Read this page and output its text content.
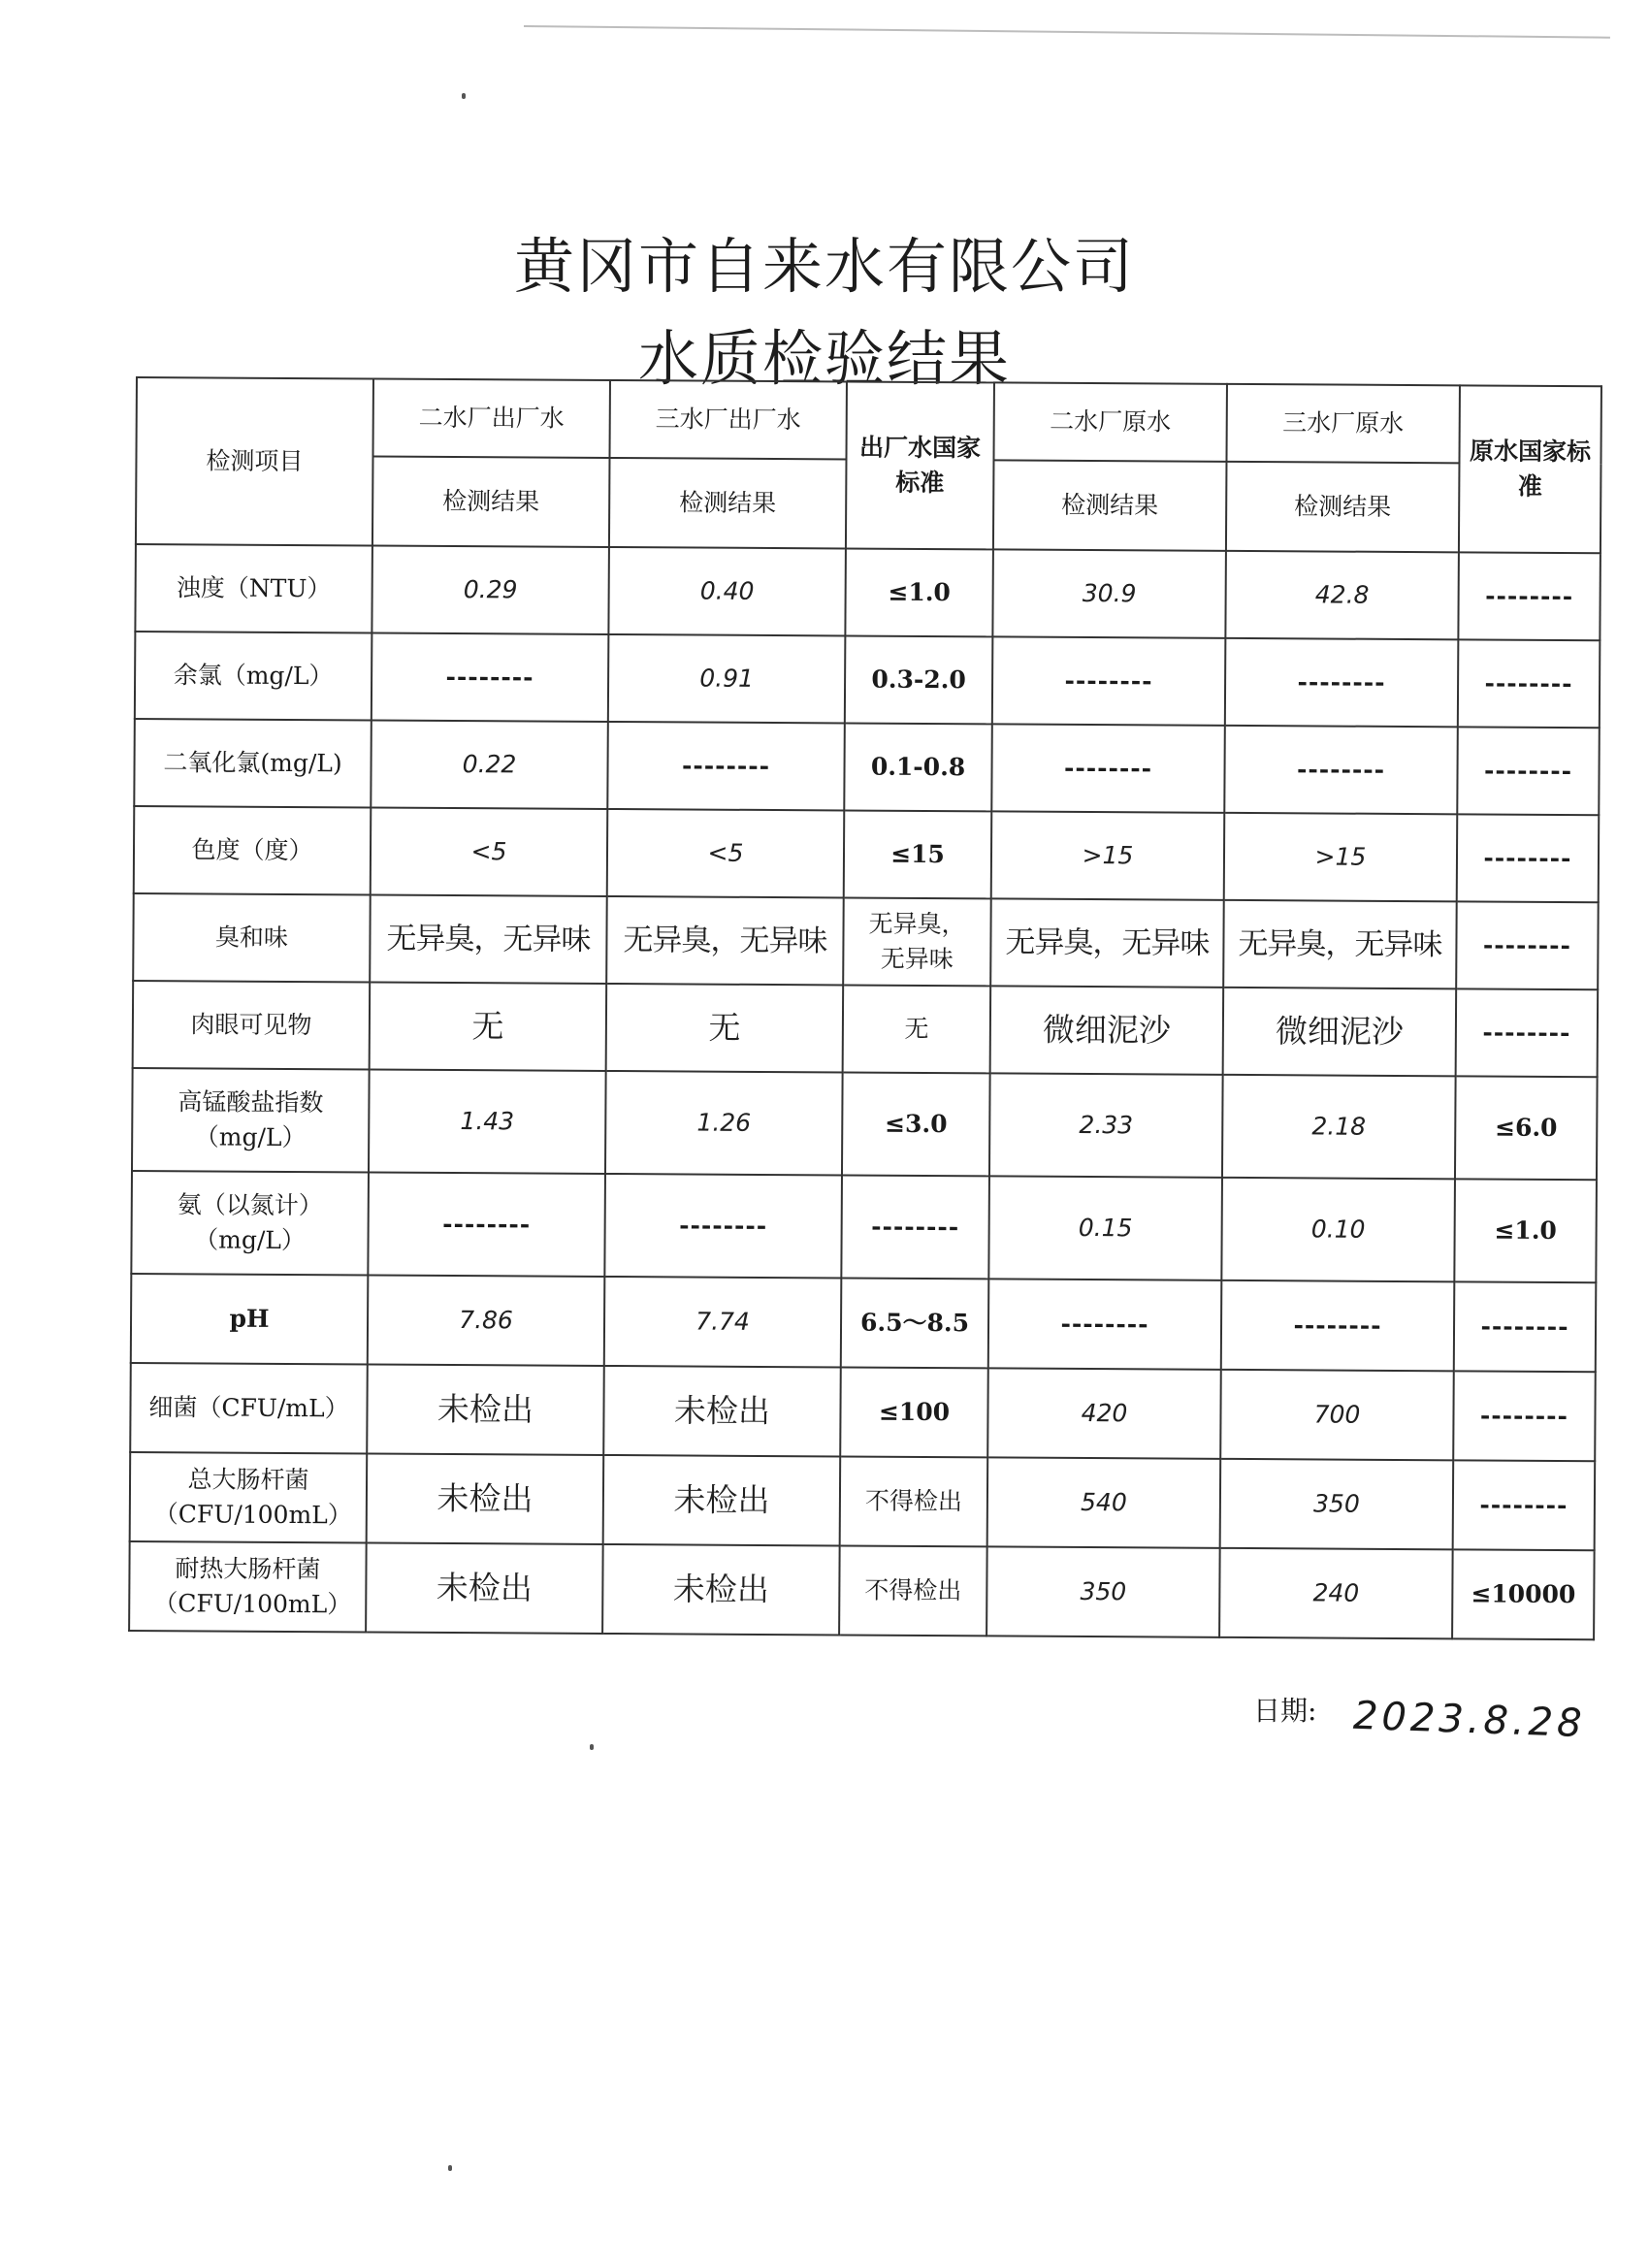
黄冈市自来水有限公司
水质检验结果
检测项目	二水厂出厂水	三水厂出厂水	出厂水国家标准	二水厂原水	三水厂原水	原水国家标准
	检测结果	检测结果		检测结果	检测结果	
浊度（NTU）	0.29	0.40	≤1.0	30.9	42.8	--------
余氯（mg/L）	--------	0.91	0.3-2.0	--------	--------	--------
二氧化氯(mg/L)	0.22	--------	0.1-0.8	--------	--------	--------
色度（度）	<5	<5	≤15	>15	>15	--------
臭和味	无异臭，无异味	无异臭，无异味	无异臭，无异味	无异臭，无异味	无异臭，无异味	--------
肉眼可见物	无	无	无	微细泥沙	微细泥沙	--------
高锰酸盐指数（mg/L）	1.43	1.26	≤3.0	2.33	2.18	≤6.0
氨（以氮计）（mg/L）	--------	--------	--------	0.15	0.10	≤1.0
pH	7.86	7.74	6.5～8.5	--------	--------	--------
细菌（CFU/mL）	未检出	未检出	≤100	420	700	--------
总大肠杆菌（CFU/100mL）	未检出	未检出	不得检出	540	350	--------
耐热大肠杆菌（CFU/100mL）	未检出	未检出	不得检出	350	240	≤10000
日期: 2023.8.28
